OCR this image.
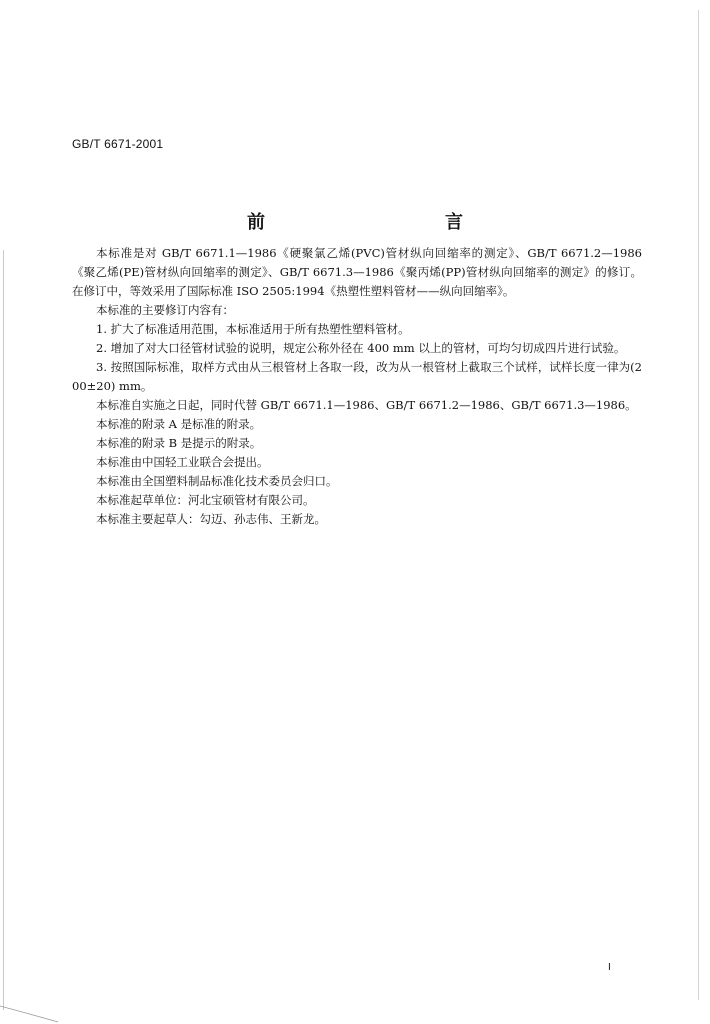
GB/T 6671-2001
前　　言

本标准是对 GB/T 6671.1—1986《硬聚氯乙烯(PVC)管材纵向回缩率的测定》、GB/T 6671.2—1986《聚乙烯(PE)管材纵向回缩率的测定》、GB/T 6671.3—1986《聚丙烯(PP)管材纵向回缩率的测定》的修订。在修订中，等效采用了国际标准 ISO 2505:1994《热塑性塑料管材——纵向回缩率》。

本标准的主要修订内容有：

1. 扩大了标准适用范围，本标准适用于所有热塑性塑料管材。

2. 增加了对大口径管材试验的说明，规定公称外径在 400 mm 以上的管材，可均匀切成四片进行试验。

3. 按照国际标准，取样方式由从三根管材上各取一段，改为从一根管材上截取三个试样，试样长度一律为(200±20) mm。

本标准自实施之日起，同时代替 GB/T 6671.1—1986、GB/T 6671.2—1986、GB/T 6671.3—1986。

本标准的附录 A 是标准的附录。

本标准的附录 B 是提示的附录。

本标准由中国轻工业联合会提出。

本标准由全国塑料制品标准化技术委员会归口。

本标准起草单位：河北宝硕管材有限公司。

本标准主要起草人：勾迈、孙志伟、王新龙。

I
